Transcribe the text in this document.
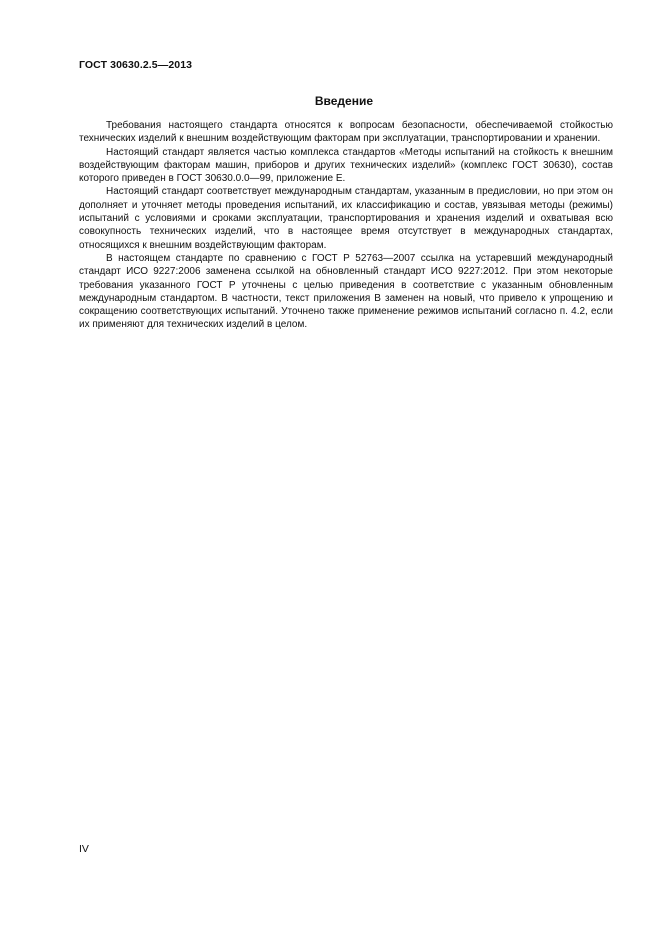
ГОСТ 30630.2.5—2013
Введение

Требования настоящего стандарта относятся к вопросам безопасности, обеспечиваемой стойкостью технических изделий к внешним воздействующим факторам при эксплуатации, транспортировании и хранении.

Настоящий стандарт является частью комплекса стандартов «Методы испытаний на стойкость к внешним воздействующим факторам машин, приборов и других технических изделий» (комплекс ГОСТ 30630), состав которого приведен в ГОСТ 30630.0.0—99, приложение Е.

Настоящий стандарт соответствует международным стандартам, указанным в предисловии, но при этом он дополняет и уточняет методы проведения испытаний, их классификацию и состав, увязывая методы (режимы) испытаний с условиями и сроками эксплуатации, транспортирования и хранения изделий и охватывая всю совокупность технических изделий, что в настоящее время отсутствует в международных стандартах, относящихся к внешним воздействующим факторам.

В настоящем стандарте по сравнению с ГОСТ Р 52763—2007 ссылка на устаревший международный стандарт ИСО 9227:2006 заменена ссылкой на обновленный стандарт ИСО 9227:2012. При этом некоторые требования указанного ГОСТ Р уточнены с целью приведения в соответствие с указанным обновленным международным стандартом. В частности, текст приложения В заменен на новый, что привело к упрощению и сокращению соответствующих испытаний. Уточнено также применение режимов испытаний согласно п. 4.2, если их применяют для технических изделий в целом.

IV
